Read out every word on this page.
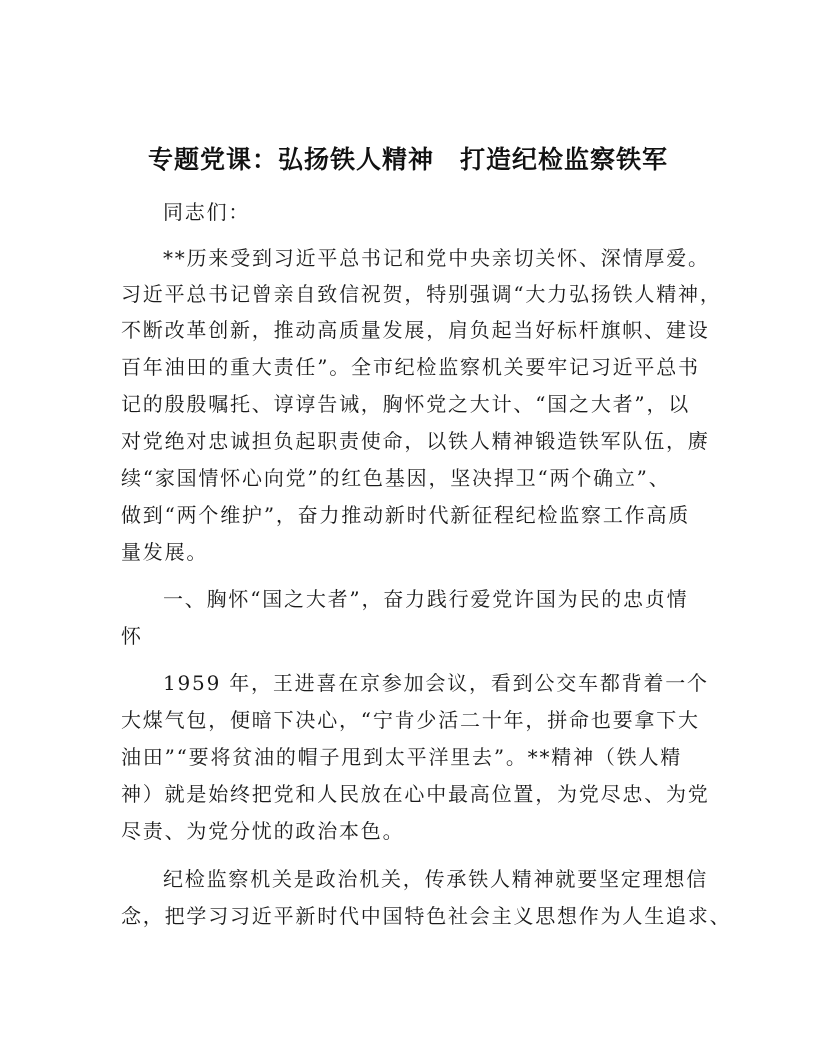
专题党课：弘扬铁人精神　打造纪检监察铁军
同志们：
**历来受到习近平总书记和党中央亲切关怀、深情厚爱。
习近平总书记曾亲自致信祝贺，特别强调“大力弘扬铁人精神，
不断改革创新，推动高质量发展，肩负起当好标杆旗帜、建设
百年油田的重大责任”。全市纪检监察机关要牢记习近平总书
记的殷殷嘱托、谆谆告诫，胸怀党之大计、“国之大者”，以
对党绝对忠诚担负起职责使命，以铁人精神锻造铁军队伍，赓
续“家国情怀心向党”的红色基因，坚决捍卫“两个确立”、
做到“两个维护”，奋力推动新时代新征程纪检监察工作高质
量发展。
一、胸怀“国之大者”，奋力践行爱党许国为民的忠贞情
怀
1959 年，王进喜在京参加会议，看到公交车都背着一个
大煤气包，便暗下决心，“宁肯少活二十年，拼命也要拿下大
油田”“要将贫油的帽子甩到太平洋里去”。**精神（铁人精
神）就是始终把党和人民放在心中最高位置，为党尽忠、为党
尽责、为党分忧的政治本色。
纪检监察机关是政治机关，传承铁人精神就要坚定理想信
念，把学习习近平新时代中国特色社会主义思想作为人生追求、
